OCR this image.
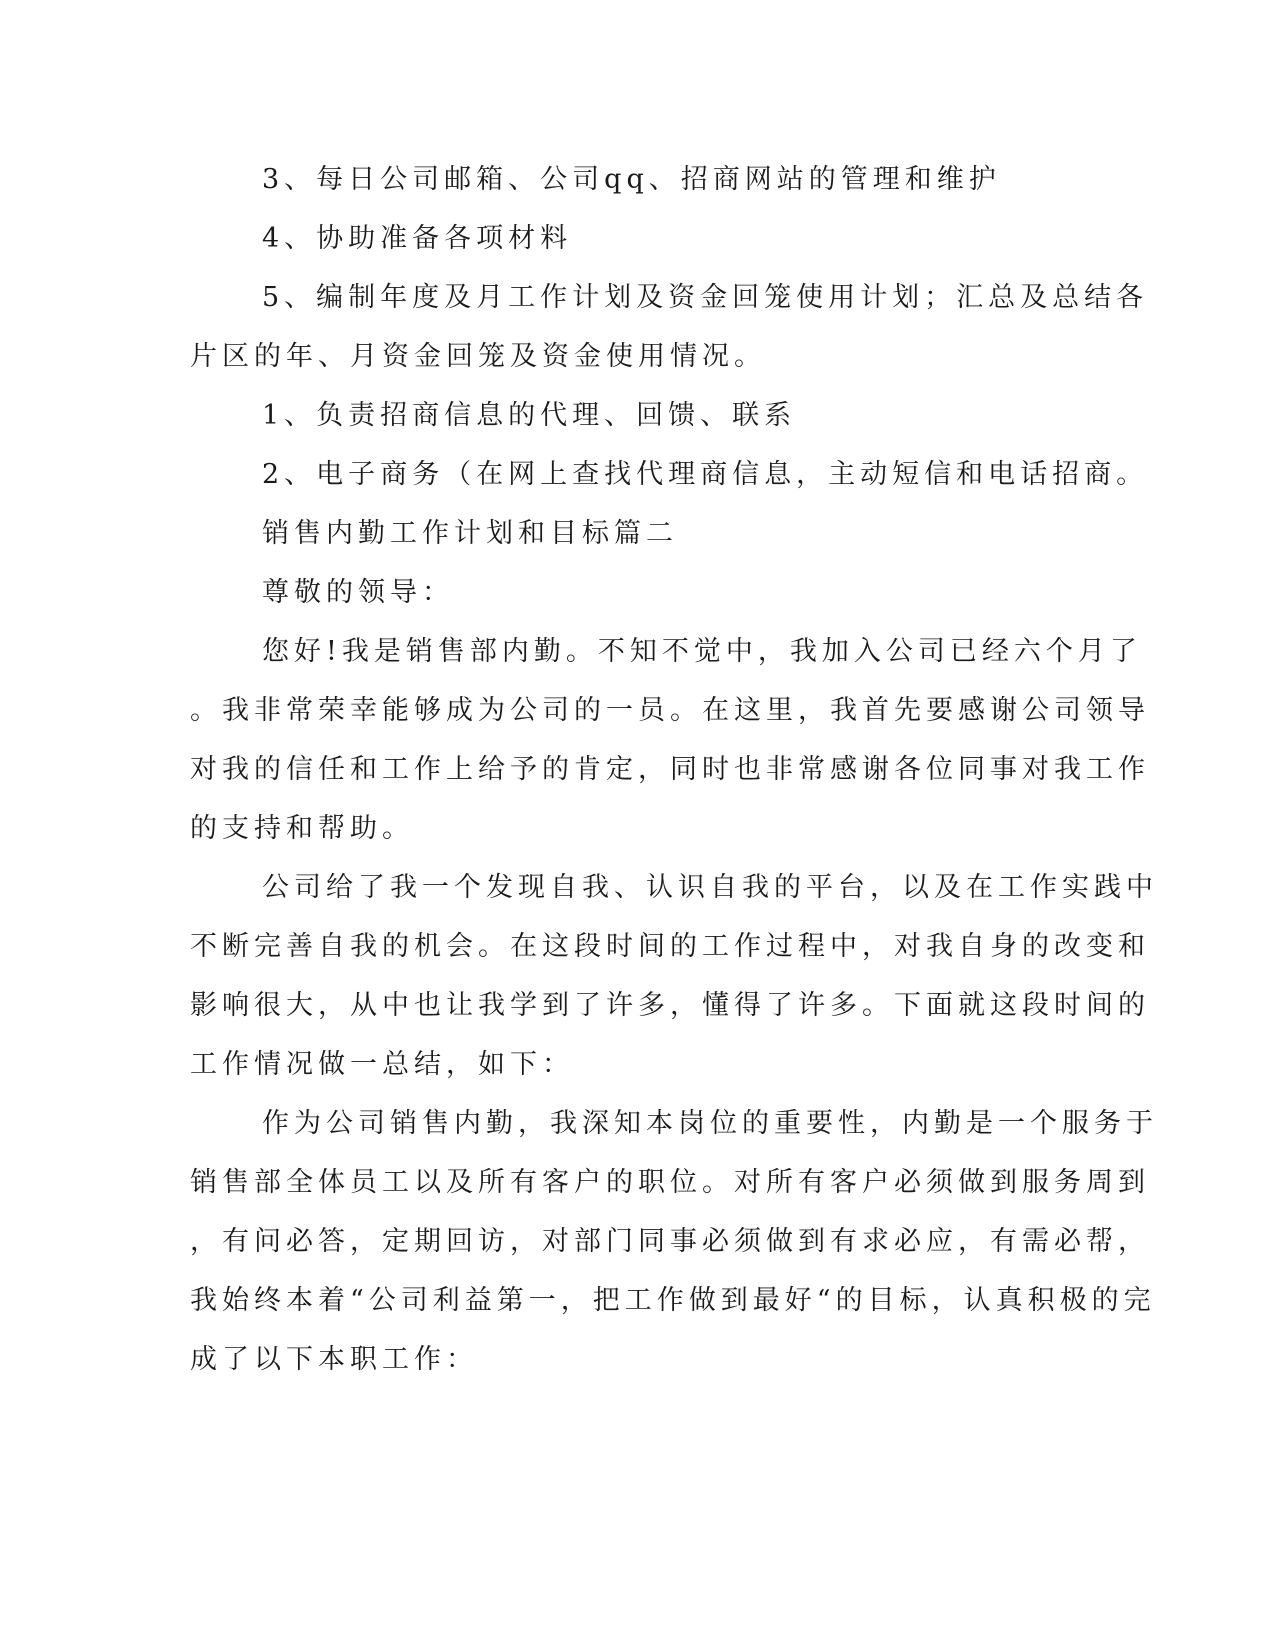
3、每日公司邮箱、公司qq、招商网站的管理和维护
4、协助准备各项材料
5、编制年度及月工作计划及资金回笼使用计划；汇总及总结各
片区的年、月资金回笼及资金使用情况。
1、负责招商信息的代理、回馈、联系
2、电子商务（在网上查找代理商信息，主动短信和电话招商。
销售内勤工作计划和目标篇二
尊敬的领导：
您好!我是销售部内勤。不知不觉中，我加入公司已经六个月了
。我非常荣幸能够成为公司的一员。在这里，我首先要感谢公司领导
对我的信任和工作上给予的肯定，同时也非常感谢各位同事对我工作
的支持和帮助。
公司给了我一个发现自我、认识自我的平台，以及在工作实践中
不断完善自我的机会。在这段时间的工作过程中，对我自身的改变和
影响很大，从中也让我学到了许多，懂得了许多。下面就这段时间的
工作情况做一总结，如下：
作为公司销售内勤，我深知本岗位的重要性，内勤是一个服务于
销售部全体员工以及所有客户的职位。对所有客户必须做到服务周到
，有问必答，定期回访，对部门同事必须做到有求必应，有需必帮，
我始终本着“公司利益第一，把工作做到最好“的目标，认真积极的完
成了以下本职工作：
